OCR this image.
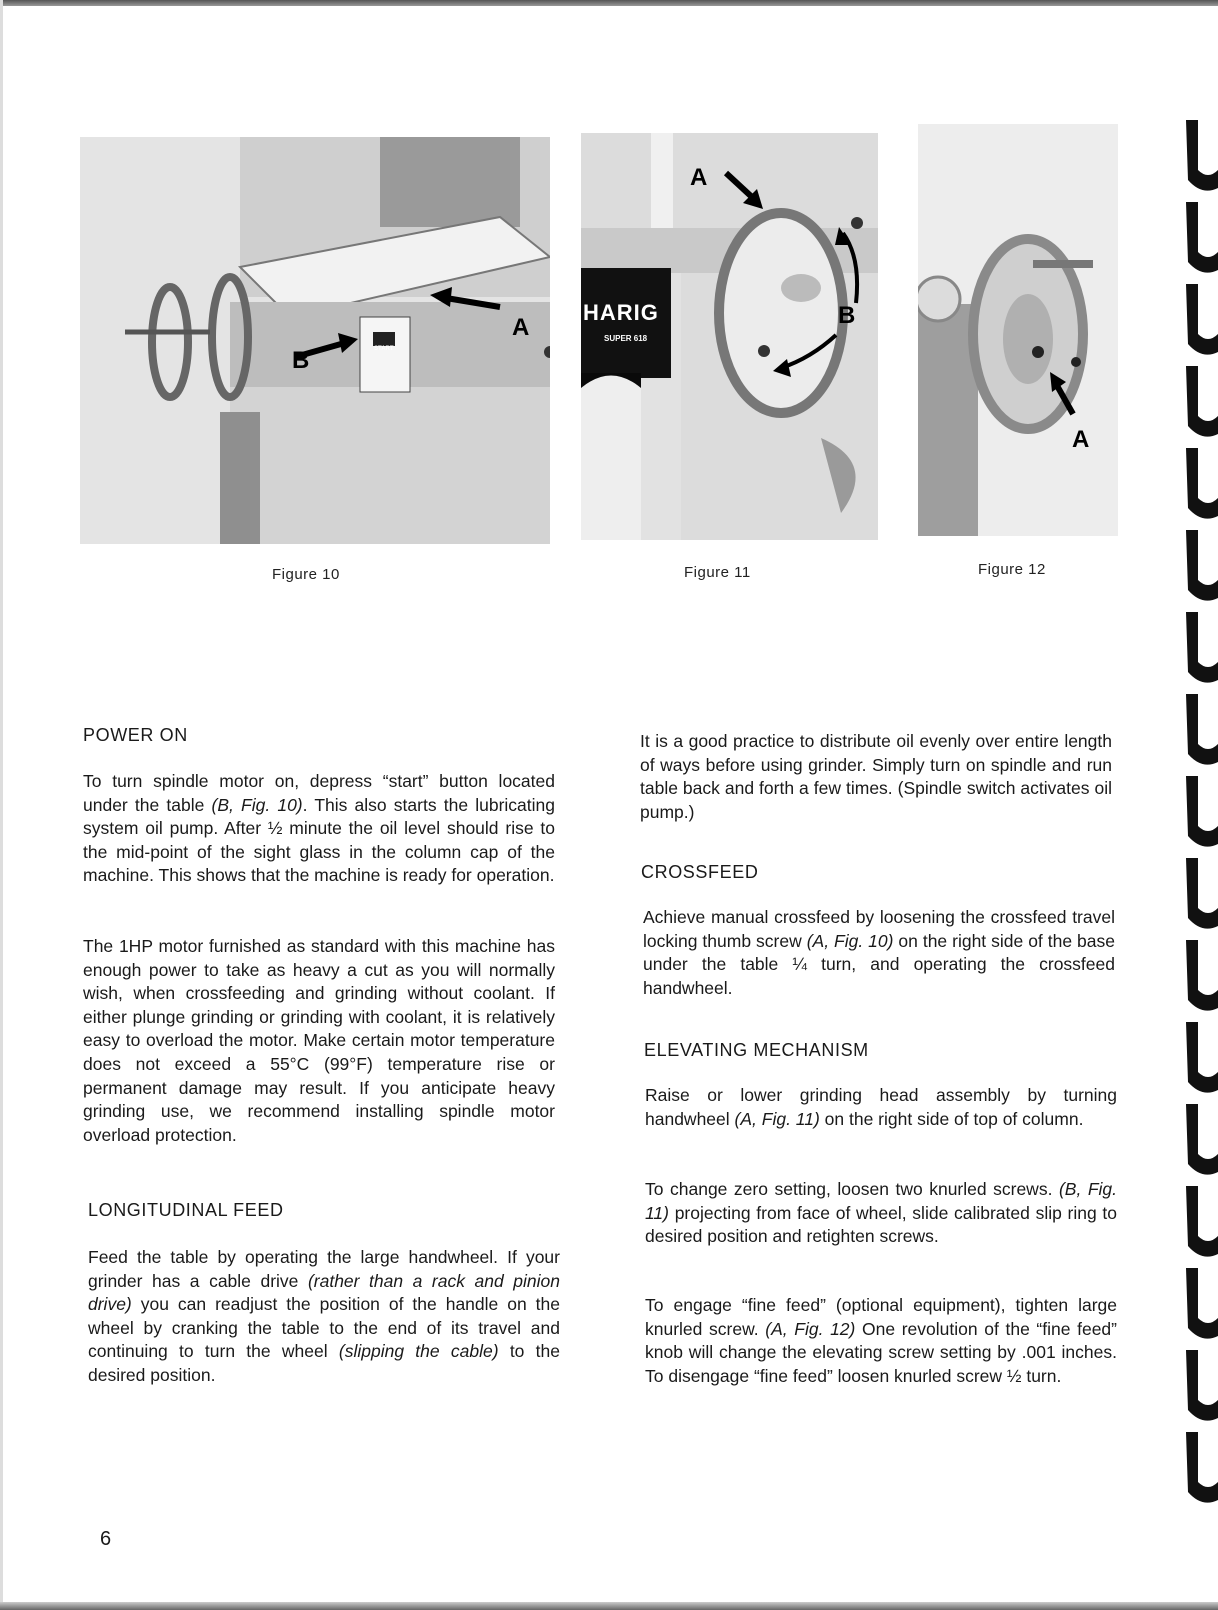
A
B	START
Figure 10
HARIG
SUPER 618
A
B
Figure 11
A
Figure 12
POWER ON
To turn spindle motor on, depress “start” button located under the table (B, Fig. 10). This also starts the lubricating system oil pump. After ½ minute the oil level should rise to the mid-point of the sight glass in the column cap of the machine. This shows that the machine is ready for operation.
The 1HP motor furnished as standard with this machine has enough power to take as heavy a cut as you will normally wish, when crossfeeding and grinding without coolant. If either plunge grinding or grinding with coolant, it is relatively easy to overload the motor. Make certain motor temperature does not exceed a 55°C (99°F) temperature rise or permanent damage may result. If you anticipate heavy grinding use, we recommend installing spindle motor overload protection.
LONGITUDINAL FEED
Feed the table by operating the large handwheel. If your grinder has a cable drive (rather than a rack and pinion drive) you can readjust the position of the handle on the wheel by cranking the table to the end of its travel and continuing to turn the wheel (slipping the cable) to the desired position.
It is a good practice to distribute oil evenly over entire length of ways before using grinder. Simply turn on spindle and run table back and forth a few times. (Spindle switch activates oil pump.)
CROSSFEED
Achieve manual crossfeed by loosening the crossfeed travel locking thumb screw (A, Fig. 10) on the right side of the base under the table ¼ turn, and operating the crossfeed handwheel.
ELEVATING MECHANISM
Raise or lower grinding head assembly by turning handwheel (A, Fig. 11) on the right side of top of column.
To change zero setting, loosen two knurled screws. (B, Fig. 11) projecting from face of wheel, slide calibrated slip ring to desired position and retighten screws.
To engage “fine feed” (optional equipment), tighten large knurled screw. (A, Fig. 12) One revolution of the “fine feed” knob will change the elevating screw setting by .001 inches. To disengage “fine feed” loosen knurled screw ½ turn.
6
